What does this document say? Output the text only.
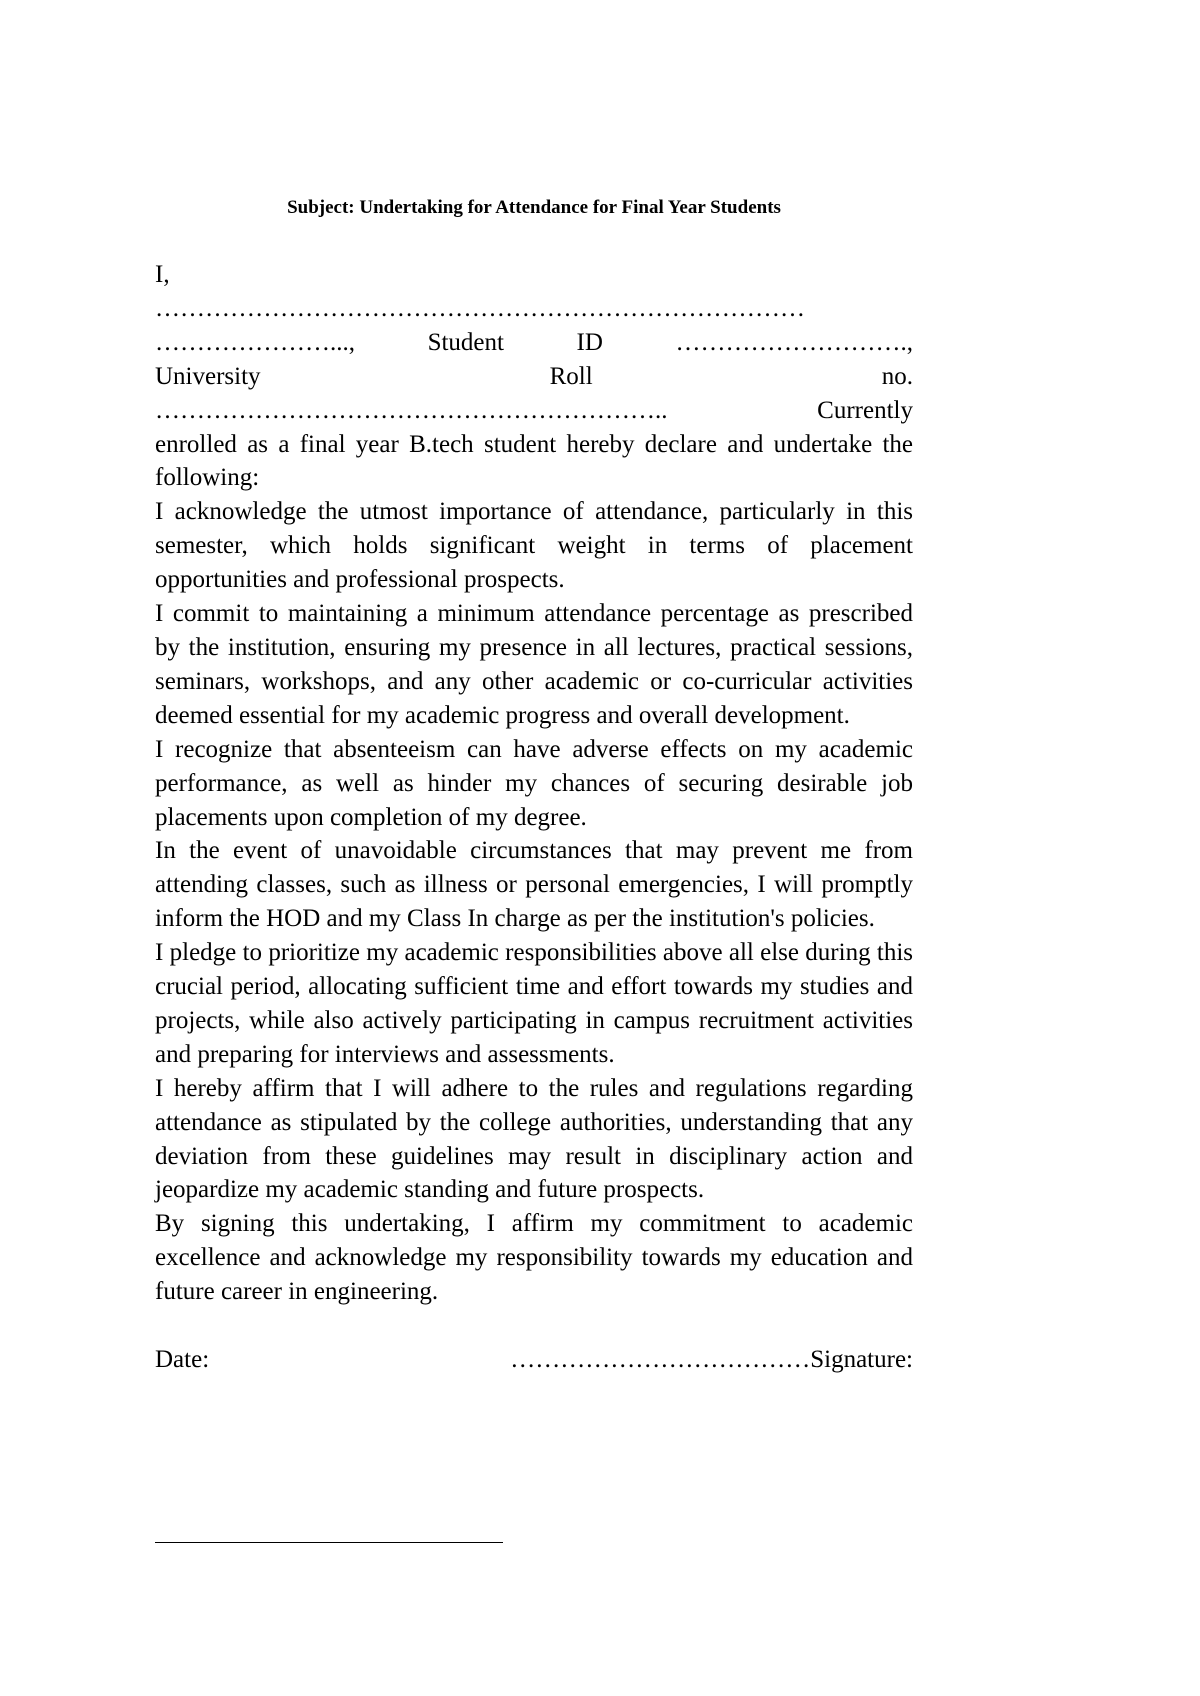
Subject: Undertaking for Attendance for Final Year Students

I,
……………………………………………………………………
…………………..., Student ID ……………………….,
University Roll no.
…………………………………………………….. Currently
enrolled as a final year B.tech student hereby declare and undertake the following:
I acknowledge the utmost importance of attendance, particularly in this semester, which holds significant weight in terms of placement opportunities and professional prospects.
I commit to maintaining a minimum attendance percentage as prescribed by the institution, ensuring my presence in all lectures, practical sessions, seminars, workshops, and any other academic or co-curricular activities deemed essential for my academic progress and overall development.
I recognize that absenteeism can have adverse effects on my academic performance, as well as hinder my chances of securing desirable job placements upon completion of my degree.
In the event of unavoidable circumstances that may prevent me from attending classes, such as illness or personal emergencies, I will promptly inform the HOD and my Class In charge as per the institution's policies.
I pledge to prioritize my academic responsibilities above all else during this crucial period, allocating sufficient time and effort towards my studies and projects, while also actively participating in campus recruitment activities and preparing for interviews and assessments.
I hereby affirm that I will adhere to the rules and regulations regarding attendance as stipulated by the college authorities, understanding that any deviation from these guidelines may result in disciplinary action and jeopardize my academic standing and future prospects.
By signing this undertaking, I affirm my commitment to academic excellence and acknowledge my responsibility towards my education and future career in engineering.
Date:	………………………………Signature:
